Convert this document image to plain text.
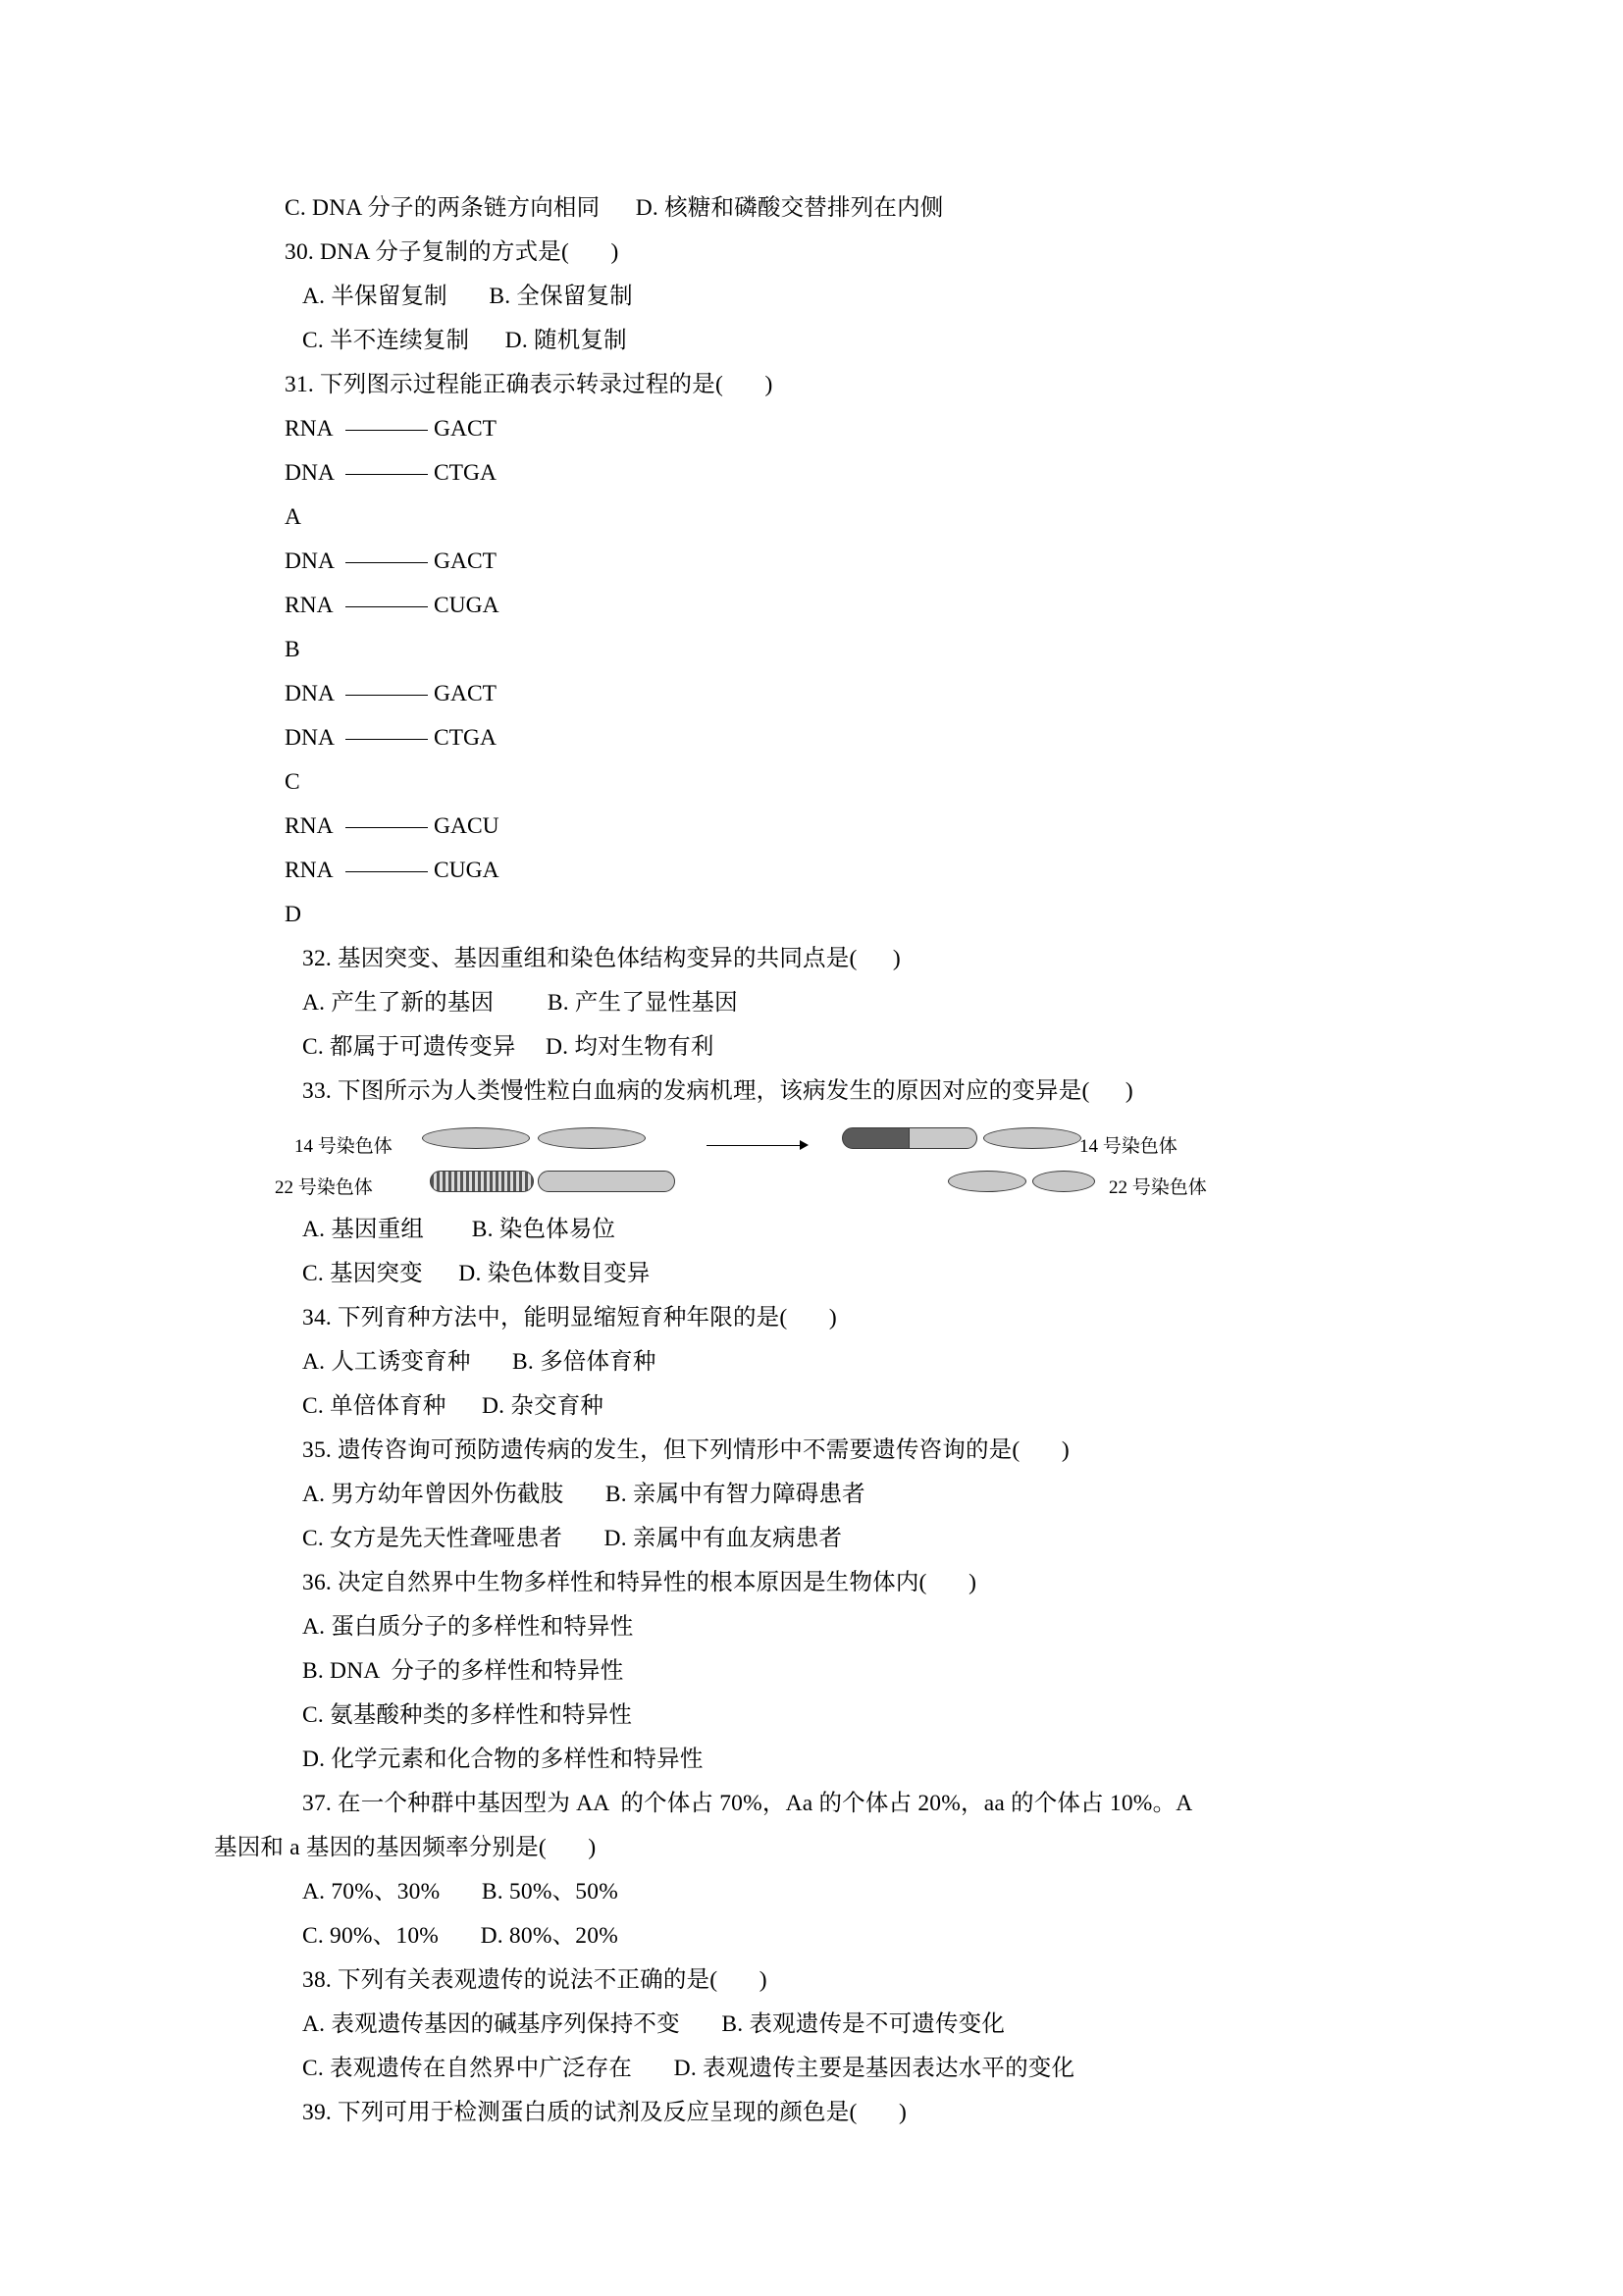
C. DNA 分子的两条链方向相同      D. 核糖和磷酸交替排列在内侧
30. DNA 分子复制的方式是(       )
A. 半保留复制       B. 全保留复制
C. 半不连续复制      D. 随机复制
31. 下列图示过程能正确表示转录过程的是(       )
RNA	GACT
DNA	CTGA
A
DNA	GACT
RNA	CUGA
B
DNA	GACT
DNA	CTGA
C
RNA	GACU
RNA	CUGA
D
32. 基因突变、基因重组和染色体结构变异的共同点是(      )
A. 产生了新的基因         B. 产生了显性基因
C. 都属于可遗传变异     D. 均对生物有利
33. 下图所示为人类慢性粒白血病的发病机理，该病发生的原因对应的变异是(      )
14 号染色体
22 号染色体
14 号染色体
22 号染色体
A. 基因重组        B. 染色体易位
C. 基因突变      D. 染色体数目变异
34. 下列育种方法中，能明显缩短育种年限的是(       )
A. 人工诱变育种       B. 多倍体育种
C. 单倍体育种      D. 杂交育种
35. 遗传咨询可预防遗传病的发生，但下列情形中不需要遗传咨询的是(       )
A. 男方幼年曾因外伤截肢       B. 亲属中有智力障碍患者
C. 女方是先天性聋哑患者       D. 亲属中有血友病患者
36. 决定自然界中生物多样性和特异性的根本原因是生物体内(       )
A. 蛋白质分子的多样性和特异性
B. DNA  分子的多样性和特异性
C. 氨基酸种类的多样性和特异性
D. 化学元素和化合物的多样性和特异性
37. 在一个种群中基因型为 AA  的个体占 70%，Aa 的个体占 20%，aa 的个体占 10%。A
基因和 a 基因的基因频率分别是(       )
A. 70%、30%       B. 50%、50%
C. 90%、10%       D. 80%、20%
38. 下列有关表观遗传的说法不正确的是(       )
A. 表观遗传基因的碱基序列保持不变       B. 表观遗传是不可遗传变化
C. 表观遗传在自然界中广泛存在       D. 表观遗传主要是基因表达水平的变化
39. 下列可用于检测蛋白质的试剂及反应呈现的颜色是(       )
